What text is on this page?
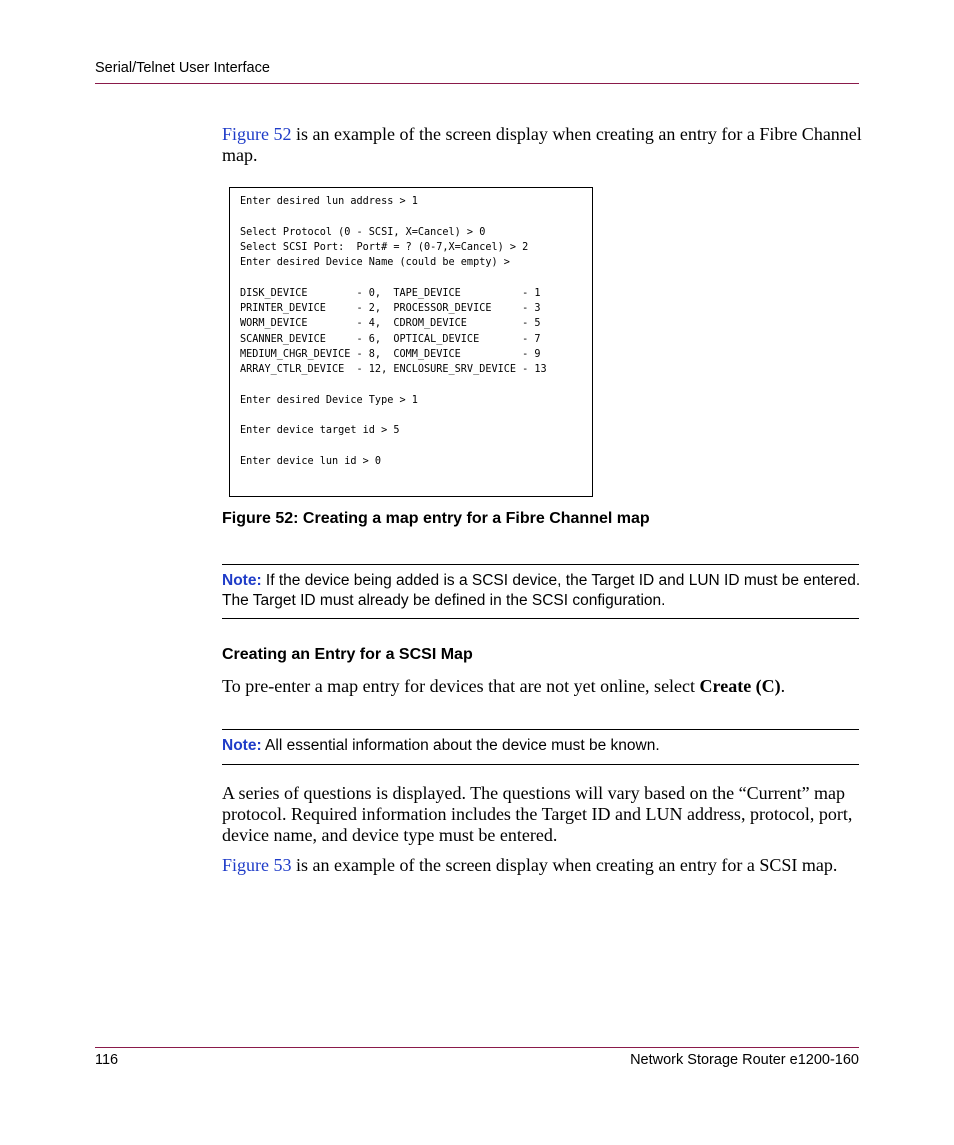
Serial/Telnet User Interface
Figure 52 is an example of the screen display when creating an entry for a Fibre Channel map.
Enter desired lun address > 1
Select Protocol (0 - SCSI, X=Cancel) > 0
Select SCSI Port:  Port# = ? (0-7,X=Cancel) > 2
Enter desired Device Name (could be empty) >
DISK_DEVICE        - 0,  TAPE_DEVICE          - 1
PRINTER_DEVICE     - 2,  PROCESSOR_DEVICE     - 3
WORM_DEVICE        - 4,  CDROM_DEVICE         - 5
SCANNER_DEVICE     - 6,  OPTICAL_DEVICE       - 7
MEDIUM_CHGR_DEVICE - 8,  COMM_DEVICE          - 9
ARRAY_CTLR_DEVICE  - 12, ENCLOSURE_SRV_DEVICE - 13
Enter desired Device Type > 1
Enter device target id > 5
Enter device lun id > 0
Figure 52: Creating a map entry for a Fibre Channel map
Note: If the device being added is a SCSI device, the Target ID and LUN ID must be entered. The Target ID must already be defined in the SCSI configuration.
Creating an Entry for a SCSI Map
To pre-enter a map entry for devices that are not yet online, select Create (C).
Note: All essential information about the device must be known.
A series of questions is displayed. The questions will vary based on the “Current” map protocol. Required information includes the Target ID and LUN address, protocol, port, device name, and device type must be entered.
Figure 53 is an example of the screen display when creating an entry for a SCSI map.
116	Network Storage Router e1200-160
